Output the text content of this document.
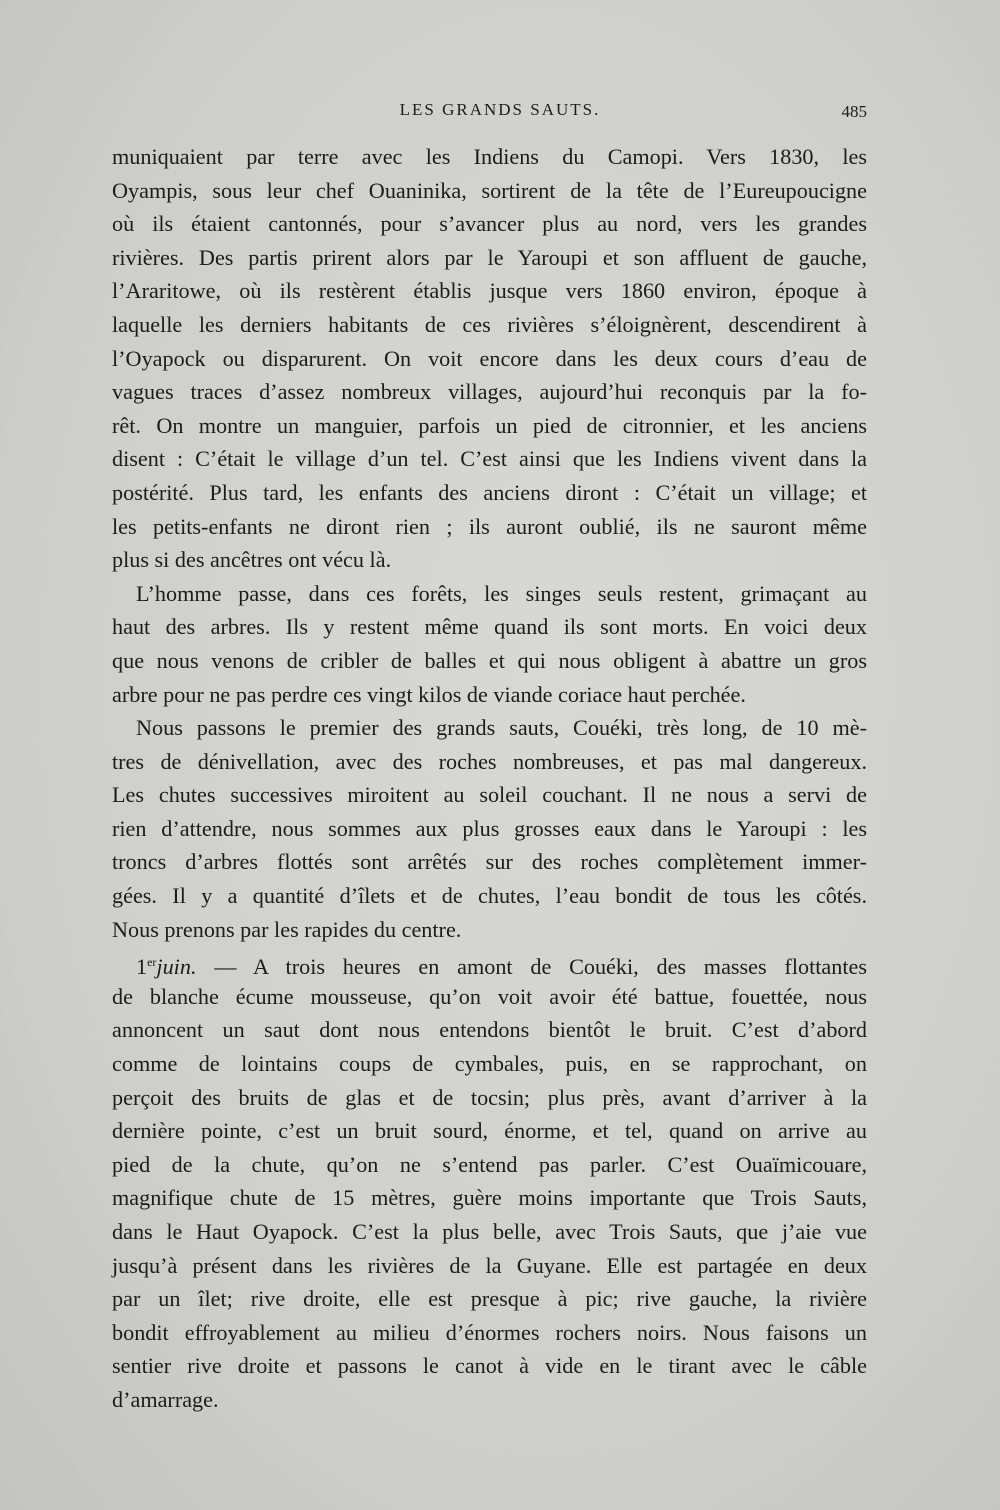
LES GRANDS SAUTS.	485
muniquaient par terre avec les Indiens du Camopi. Vers 1830, les
Oyampis, sous leur chef Ouaninika, sortirent de la tête de l’Eureupoucigne
où ils étaient cantonnés, pour s’avancer plus au nord, vers les grandes
rivières. Des partis prirent alors par le Yaroupi et son affluent de gauche,
l’Araritowe, où ils restèrent établis jusque vers 1860 environ, époque à
laquelle les derniers habitants de ces rivières s’éloignèrent, descendirent à
l’Oyapock ou disparurent. On voit encore dans les deux cours d’eau de
vagues traces d’assez nombreux villages, aujourd’hui reconquis par la fo-
rêt. On montre un manguier, parfois un pied de citronnier, et les anciens
disent : C’était le village d’un tel. C’est ainsi que les Indiens vivent dans la
postérité. Plus tard, les enfants des anciens diront : C’était un village; et
les petits-enfants ne diront rien ; ils auront oublié, ils ne sauront même
plus si des ancêtres ont vécu là.
L’homme passe, dans ces forêts, les singes seuls restent, grimaçant au
haut des arbres. Ils y restent même quand ils sont morts. En voici deux
que nous venons de cribler de balles et qui nous obligent à abattre un gros
arbre pour ne pas perdre ces vingt kilos de viande coriace haut perchée.
Nous passons le premier des grands sauts, Couéki, très long, de 10 mè-
tres de dénivellation, avec des roches nombreuses, et pas mal dangereux.
Les chutes successives miroitent au soleil couchant. Il ne nous a servi de
rien d’attendre, nous sommes aux plus grosses eaux dans le Yaroupi : les
troncs d’arbres flottés sont arrêtés sur des roches complètement immer-
gées. Il y a quantité d’îlets et de chutes, l’eau bondit de tous les côtés.
Nous prenons par les rapides du centre.
1erjuin. — A trois heures en amont de Couéki, des masses flottantes
de blanche écume mousseuse, qu’on voit avoir été battue, fouettée, nous
annoncent un saut dont nous entendons bientôt le bruit. C’est d’abord
comme de lointains coups de cymbales, puis, en se rapprochant, on
perçoit des bruits de glas et de tocsin; plus près, avant d’arriver à la
dernière pointe, c’est un bruit sourd, énorme, et tel, quand on arrive au
pied de la chute, qu’on ne s’entend pas parler. C’est Ouaïmicouare,
magnifique chute de 15 mètres, guère moins importante que Trois Sauts,
dans le Haut Oyapock. C’est la plus belle, avec Trois Sauts, que j’aie vue
jusqu’à présent dans les rivières de la Guyane. Elle est partagée en deux
par un îlet; rive droite, elle est presque à pic; rive gauche, la rivière
bondit effroyablement au milieu d’énormes rochers noirs. Nous faisons un
sentier rive droite et passons le canot à vide en le tirant avec le câble
d’amarrage.
